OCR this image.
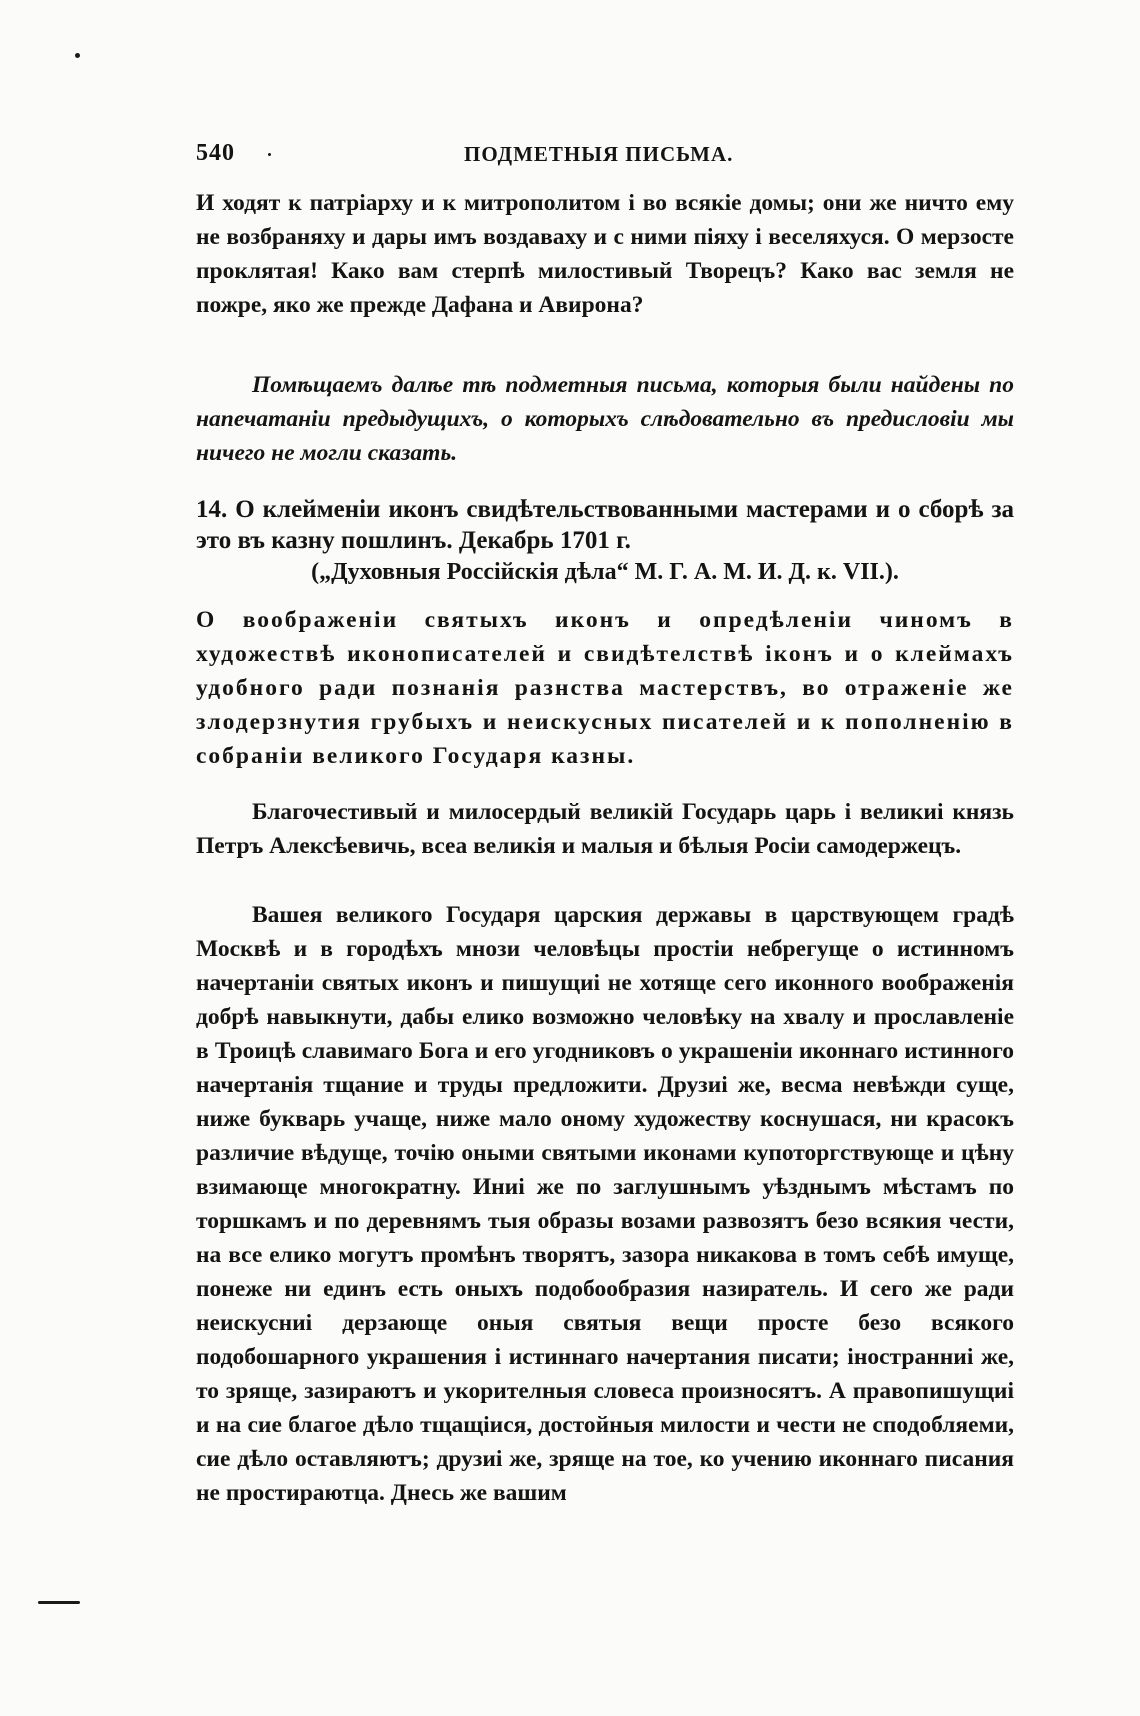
540	ПОДМЕТНЫЯ ПИСЬМА.

И ходят к патріарху и к митрополитом і во всякіе домы; они же ничто ему не возбраняху и дары имъ воздаваху и с ними піяху і веселяхуся. О мерзосте проклятая! Како вам стерпѣ милостивый Творецъ? Како вас земля не пожре, яко же прежде Дафана и Авирона?

Помѣщаемъ далѣе тѣ подметныя письма, которыя были найдены по напечатаніи предыдущихъ, о которыхъ слѣдовательно въ предисловіи мы ничего не могли сказать.

14. О клейменіи иконъ свидѣтельствованными мастерами и о сборѣ за это въ казну пошлинъ. Декабрь 1701 г.

(„Духовныя Россійскія дѣла“ М. Г. А. М. И. Д. к. VII.).

О воображеніи святыхъ иконъ и опредѣленіи чиномъ в художествѣ иконописателей и свидѣтелствѣ іконъ и о клеймахъ удобного ради познанія разнства мастерствъ, во отраженіе же злодерзнутия грубыхъ и неискусных писателей и к пополненію в собраніи великого Государя казны.

Благочестивый и милосердый великій Государь царь і великиі князь Петръ Алексѣевичь, всеа великія и малыя и бѣлыя Росіи самодержецъ.

Вашея великого Государя царския державы в царствующем градѣ Москвѣ и в городѣхъ мнози человѣцы простіи небрегуще о истинномъ начертаніи святых иконъ и пишущиі не хотяще сего иконного воображенія добрѣ навыкнути, дабы елико возможно человѣку на хвалу и прославленіе в Троицѣ славимаго Бога и его угодниковъ о украшеніи иконнаго истинного начертанія тщание и труды предложити. Друзиі же, весма невѣжди суще, ниже букварь учаще, ниже мало оному художеству коснушася, ни красокъ различие вѣдуще, точію оными святыми иконами купоторгствующе и цѣну взимающе многократну. Иниі же по заглушнымъ уѣзднымъ мѣстамъ по торшкамъ и по деревнямъ тыя образы возами развозятъ безо всякия чести, на все елико могутъ промѣнъ творятъ, зазора никакова в томъ себѣ имуще, понеже ни единъ есть оныхъ подобообразия назиратель. И сего же ради неискусниі дерзающе оныя святыя вещи просте безо всякого подобошарного украшения і истиннаго начертания писати; іностранниі же, то зряще, зазираютъ и укорителныя словеса произносятъ. А правопишущиі и на сие благое дѣло тщащіися, достойныя милости и чести не сподобляеми, сие дѣло оставляютъ; друзиі же, зряще на тое, ко учению иконнаго писания не простираютца. Днесь же вашим
